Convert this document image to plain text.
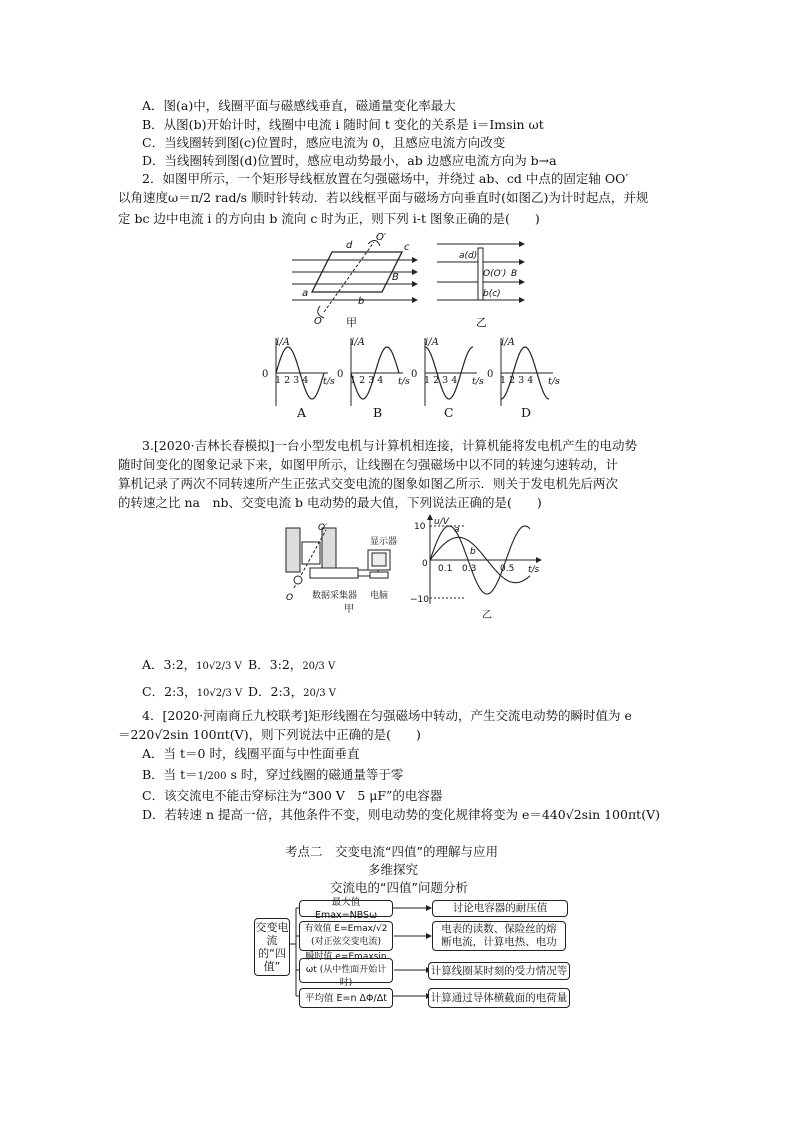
A．图(a)中，线圈平面与磁感线垂直，磁通量变化率最大
B．从图(b)开始计时，线圈中电流 i 随时间 t 变化的关系是 i＝Imsin ωt
C．当线圈转到图(c)位置时，感应电流为 0，且感应电流方向改变
D．当线圈转到图(d)位置时，感应电动势最小，ab 边感应电流方向为 b→a
2．如图甲所示，一个矩形导线框放置在匀强磁场中，并绕过 ab、cd 中点的固定轴 OO′
以角速度ω＝π/2 rad/s 顺时针转动．若以线框平面与磁场方向垂直时(如图乙)为计时起点，并规
定 bc 边中电流 i 的方向由 b 流向 c 时为正，则下列 i-t 图象正确的是(　　)
d	c
O′
B
a
b
O 甲
a(d)
O(O′) B
b(c)
乙
A	B	C	D
i/A	i/A	i/A	i/A
0	0	0	0
1 2 3 4	1 2 3 4	1 2 3 4	1 2 3 4
t/s	t/s	t/s	t/s
3.[2020·吉林长春模拟]一台小型发电机与计算机相连接，计算机能将发电机产生的电动势
随时间变化的图象记录下来，如图甲所示，让线圈在匀强磁场中以不同的转速匀速转动，计
算机记录了两次不同转速所产生正弦式交变电流的图象如图乙所示．则关于发电机先后两次
的转速之比 na　nb、交变电流 b 电动势的最大值，下列说法正确的是(　　)
O′
显示器
O 数据采集器 电脑
甲
u/V
10
−10
0 0.1 0.3	0.5 t/s
a
b
乙
A．3:2，10√2/3 V B．3:2，20/3 V
C．2:3，10√2/3 V D．2:3，20/3 V
4．[2020·河南商丘九校联考]矩形线圈在匀强磁场中转动，产生交流电动势的瞬时值为 e
＝220√2sin 100πt(V)，则下列说法中正确的是(　　)
A．当 t＝0 时，线圈平面与中性面垂直
B．当 t＝1/200 s 时，穿过线圈的磁通量等于零
C．该交流电不能击穿标注为“300 V　5 μF”的电容器
D．若转速 n 提高一倍，其他条件不变，则电动势的变化规律将变为 e＝440√2sin 100πt(V)
考点二　交变电流“四值”的理解与应用
多维探究
交流电的“四值”问题分析
交变电流的“四值”
最大值 Emax=NBSω
有效值 E=Emax/√2 (对正弦交变电流)
瞬时值 e=Emaxsin ωt (从中性面开始计时)
平均值 E=n ΔΦ/Δt
讨论电容器的耐压值
电表的读数、保险丝的熔断电流，计算电热、电功
计算线圈某时刻的受力情况等
计算通过导体横截面的电荷量
